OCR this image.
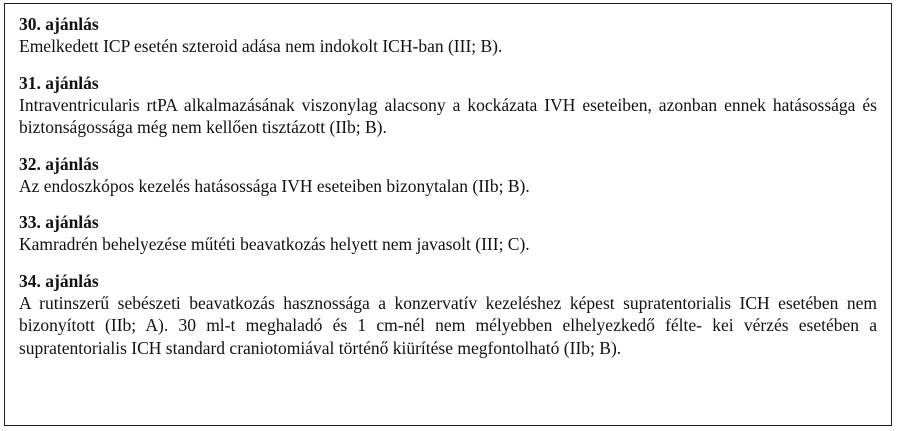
30. ajánlás

Emelkedett ICP esetén szteroid adása nem indokolt ICH-ban (III; B).

31. ajánlás

Intraventricularis rtPA alkalmazásának viszonylag alacsony a kockázata IVH eseteiben, azonban ennek hatásossága és biztonságossága még nem kellően tisztázott (IIb; B).

32. ajánlás

Az endoszkópos kezelés hatásossága IVH eseteiben bizonytalan (IIb; B).

33. ajánlás

Kamradrén behelyezése műtéti beavatkozás helyett nem javasolt (III; C).

34. ajánlás

A rutinszerű sebészeti beavatkozás hasznossága a konzervatív kezeléshez képest supratentorialis ICH esetében nem bizonyított (IIb; A). 30 ml-t meghaladó és 1 cm-nél nem mélyebben elhelyezkedő félte- kei vérzés esetében a supratentorialis ICH standard craniotomiával történő kiürítése megfontolható (IIb; B).
